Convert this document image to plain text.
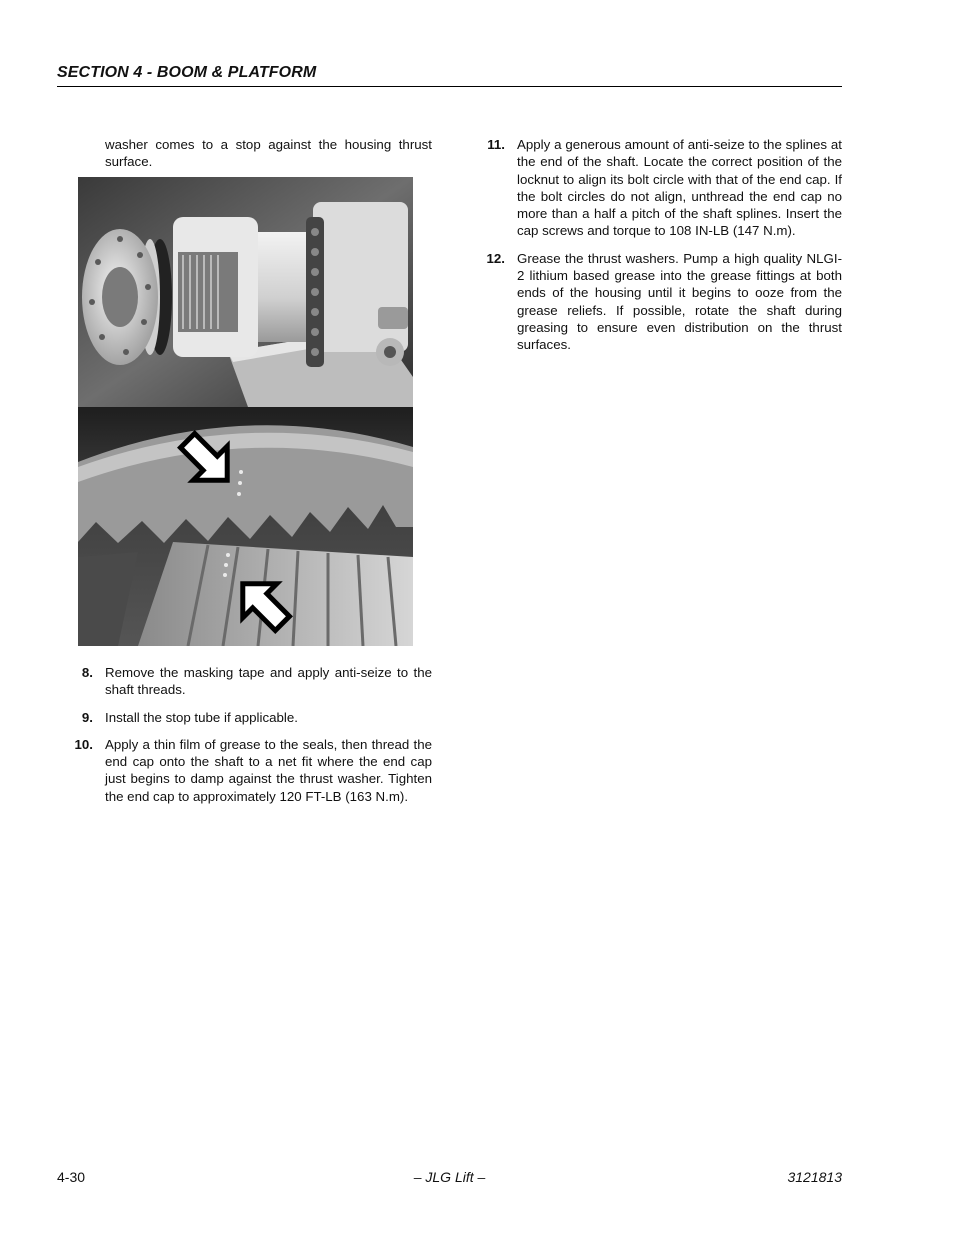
SECTION 4 - BOOM & PLATFORM

washer comes to a stop against the housing thrust surface.

8. Remove the masking tape and apply anti-seize to the shaft threads.
9. Install the stop tube if applicable.
10. Apply a thin film of grease to the seals, then thread the end cap onto the shaft to a net fit where the end cap just begins to damp against the thrust washer. Tighten the end cap to approximately 120 FT-LB (163 N.m).
11. Apply a generous amount of anti-seize to the splines at the end of the shaft. Locate the correct position of the locknut to align its bolt circle with that of the end cap. If the bolt circles do not align, unthread the end cap no more than a half a pitch of the shaft splines. Insert the cap screws and torque to 108 IN-LB (147 N.m).
12. Grease the thrust washers. Pump a high quality NLGI-2 lithium based grease into the grease fittings at both ends of the housing until it begins to ooze from the grease reliefs. If possible, rotate the shaft during greasing to ensure even distribution on the thrust surfaces.
4-30	– JLG Lift –	3121813
